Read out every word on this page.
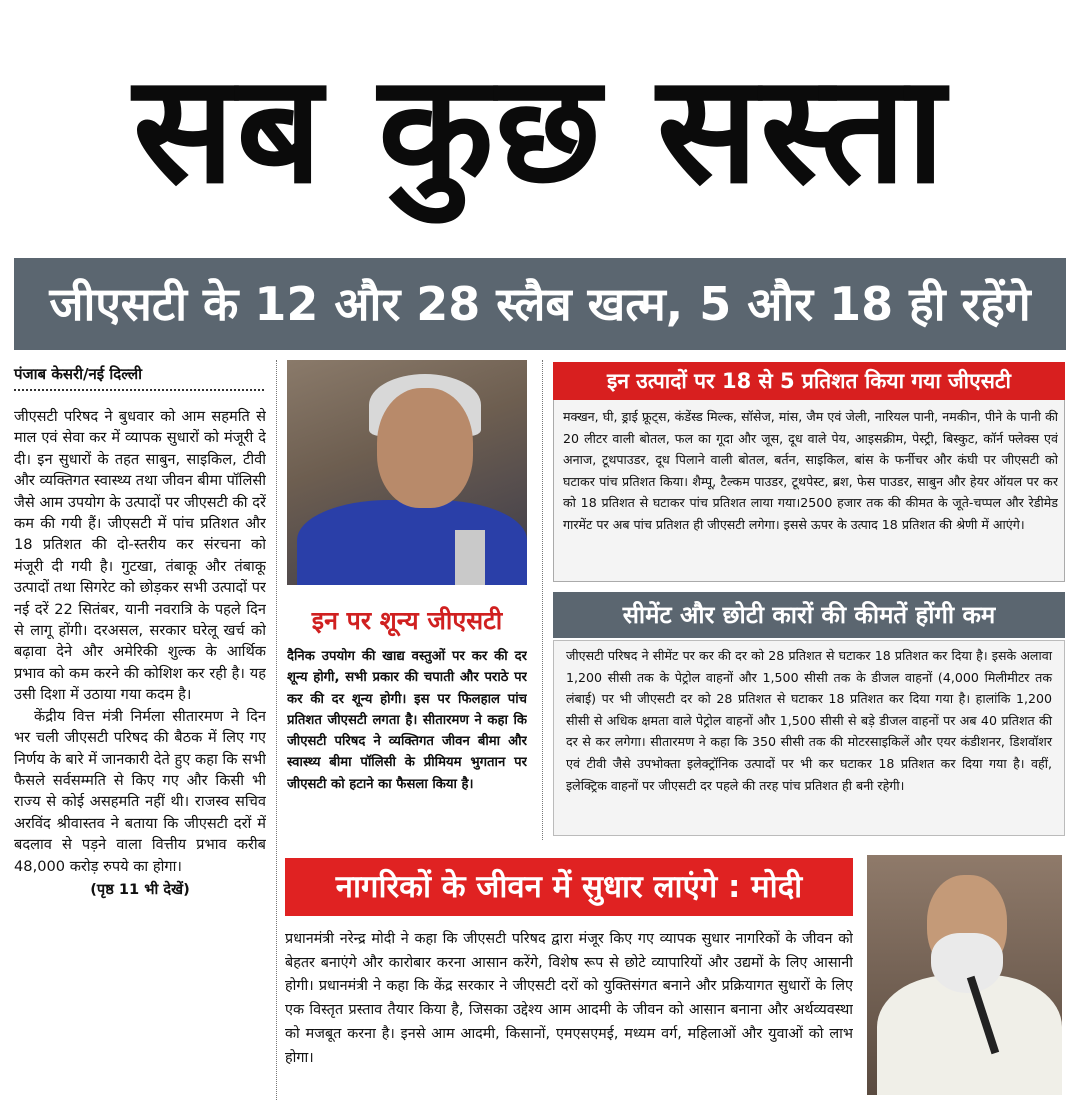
सब कुछ सस्ता
जीएसटी के 12 और 28 स्लैब खत्म, 5 और 18 ही रहेंगे
पंजाब केसरी/नई दिल्ली

जीएसटी परिषद ने बुधवार को आम सहमति से माल एवं सेवा कर में व्यापक सुधारों को मंजूरी दे दी। इन सुधारों के तहत साबुन, साइकिल, टीवी और व्यक्तिगत स्वास्थ्य तथा जीवन बीमा पॉलिसी जैसे आम उपयोग के उत्पादों पर जीएसटी की दरें कम की गयी हैं। जीएसटी में पांच प्रतिशत और 18 प्रतिशत की दो-स्तरीय कर संरचना को मंजूरी दी गयी है। गुटखा, तंबाकू और तंबाकू उत्पादों तथा सिगरेट को छोड़कर सभी उत्पादों पर नई दरें 22 सितंबर, यानी नवरात्रि के पहले दिन से लागू होंगी। दरअसल, सरकार घरेलू खर्च को बढ़ावा देने और अमेरिकी शुल्क के आर्थिक प्रभाव को कम करने की कोशिश कर रही है। यह उसी दिशा में उठाया गया कदम है।

केंद्रीय वित्त मंत्री निर्मला सीतारमण ने दिन भर चली जीएसटी परिषद की बैठक में लिए गए निर्णय के बारे में जानकारी देते हुए कहा कि सभी फैसले सर्वसम्मति से किए गए और किसी भी राज्य से कोई असहमति नहीं थी। राजस्व सचिव अरविंद श्रीवास्तव ने बताया कि जीएसटी दरों में बदलाव से पड़ने वाला वित्तीय प्रभाव करीब 48,000 करोड़ रुपये का होगा।

(पृष्ठ 11 भी देखें)

इन पर शून्य जीएसटी
दैनिक उपयोग की खाद्य वस्तुओं पर कर की दर शून्य होगी, सभी प्रकार की चपाती और पराठे पर कर की दर शून्य होगी। इस पर फिलहाल पांच प्रतिशत जीएसटी लगता है। सीतारमण ने कहा कि जीएसटी परिषद ने व्यक्तिगत जीवन बीमा और स्वास्थ्य बीमा पॉलिसी के प्रीमियम भुगतान पर जीएसटी को हटाने का फैसला किया है।
इन उत्पादों पर 18 से 5 प्रतिशत किया गया जीएसटी
मक्खन, घी, ड्राई फ्रूट्स, कंडेंस्ड मिल्क, सॉसेज, मांस, जैम एवं जेली, नारियल पानी, नमकीन, पीने के पानी की 20 लीटर वाली बोतल, फल का गूदा और जूस, दूध वाले पेय, आइसक्रीम, पेस्ट्री, बिस्कुट, कॉर्न फ्लेक्स एवं अनाज, टूथपाउडर, दूध पिलाने वाली बोतल, बर्तन, साइकिल, बांस के फर्नीचर और कंघी पर जीएसटी को घटाकर पांच प्रतिशत किया। शैम्पू, टैल्कम पाउडर, टूथपेस्ट, ब्रश, फेस पाउडर, साबुन और हेयर ऑयल पर कर को 18 प्रतिशत से घटाकर पांच प्रतिशत लाया गया।2500 हजार तक की कीमत के जूते-चप्पल और रेडीमेड गारमेंट पर अब पांच प्रतिशत ही जीएसटी लगेगा। इससे ऊपर के उत्पाद 18 प्रतिशत की श्रेणी में आएंगे।
सीमेंट और छोटी कारों की कीमतें होंगी कम
जीएसटी परिषद ने सीमेंट पर कर की दर को 28 प्रतिशत से घटाकर 18 प्रतिशत कर दिया है। इसके अलावा 1,200 सीसी तक के पेट्रोल वाहनों और 1,500 सीसी तक के डीजल वाहनों (4,000 मिलीमीटर तक लंबाई) पर भी जीएसटी दर को 28 प्रतिशत से घटाकर 18 प्रतिशत कर दिया गया है। हालांकि 1,200 सीसी से अधिक क्षमता वाले पेट्रोल वाहनों और 1,500 सीसी से बड़े डीजल वाहनों पर अब 40 प्रतिशत की दर से कर लगेगा। सीतारमण ने कहा कि 350 सीसी तक की मोटरसाइकिलें और एयर कंडीशनर, डिशवॉशर एवं टीवी जैसे उपभोक्ता इलेक्ट्रॉनिक उत्पादों पर भी कर घटाकर 18 प्रतिशत कर दिया गया है। वहीं, इलेक्ट्रिक वाहनों पर जीएसटी दर पहले की तरह पांच प्रतिशत ही बनी रहेगी।
नागरिकों के जीवन में सुधार लाएंगे : मोदी
प्रधानमंत्री नरेन्द्र मोदी ने कहा कि जीएसटी परिषद द्वारा मंजूर किए गए व्यापक सुधार नागरिकों के जीवन को बेहतर बनाएंगे और कारोबार करना आसान करेंगे, विशेष रूप से छोटे व्यापारियों और उद्यमों के लिए आसानी होगी। प्रधानमंत्री ने कहा कि केंद्र सरकार ने जीएसटी दरों को युक्तिसंगत बनाने और प्रक्रियागत सुधारों के लिए एक विस्तृत प्रस्ताव तैयार किया है, जिसका उद्देश्य आम आदमी के जीवन को आसान बनाना और अर्थव्यवस्था को मजबूत करना है। इनसे आम आदमी, किसानों, एमएसएमई, मध्यम वर्ग, महिलाओं और युवाओं को लाभ होगा।
